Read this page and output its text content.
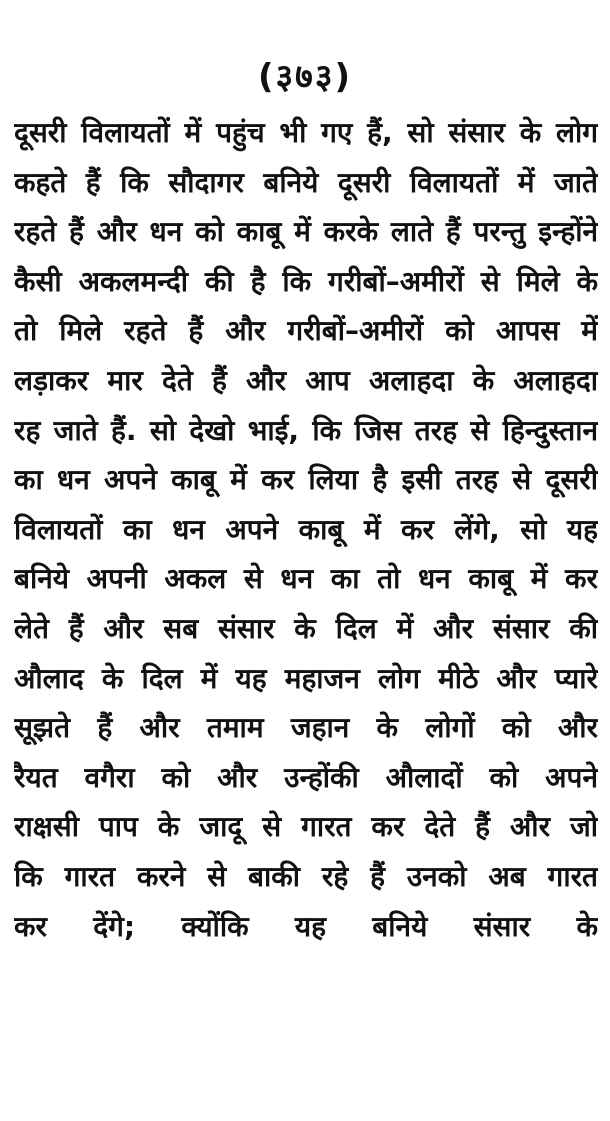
(३७३)
दूसरी विलायतों में पहुंच भी गए हैं, सो संसार के लोग
कहते हैं कि सौदागर बनिये दूसरी विलायतों में जाते
रहते हैं और धन को काबू में करके लाते हैं परन्तु इन्होंने
कैसी अकलमन्दी की है कि गरीबों–अमीरों से मिले के
तो मिले रहते हैं और गरीबों–अमीरों को आपस में
लड़ाकर मार देते हैं और आप अलाहदा के अलाहदा
रह जाते हैं. सो देखो भाई, कि जिस तरह से हिन्दुस्तान
का धन अपने काबू में कर लिया है इसी तरह से दूसरी
विलायतों का धन अपने काबू में कर लेंगे, सो यह
बनिये अपनी अकल से धन का तो धन काबू में कर
लेते हैं और सब संसार के दिल में और संसार की
औलाद के दिल में यह महाजन लोग मीठे और प्यारे
सूझते हैं और तमाम जहान के लोगों को और
रैयत वगैरा को और उन्होंकी औलादों को अपने
राक्षसी पाप के जादू से गारत कर देते हैं और जो
कि गारत करने से बाकी रहे हैं उनको अब गारत
कर देंगे; क्योंकि यह बनिये संसार के
